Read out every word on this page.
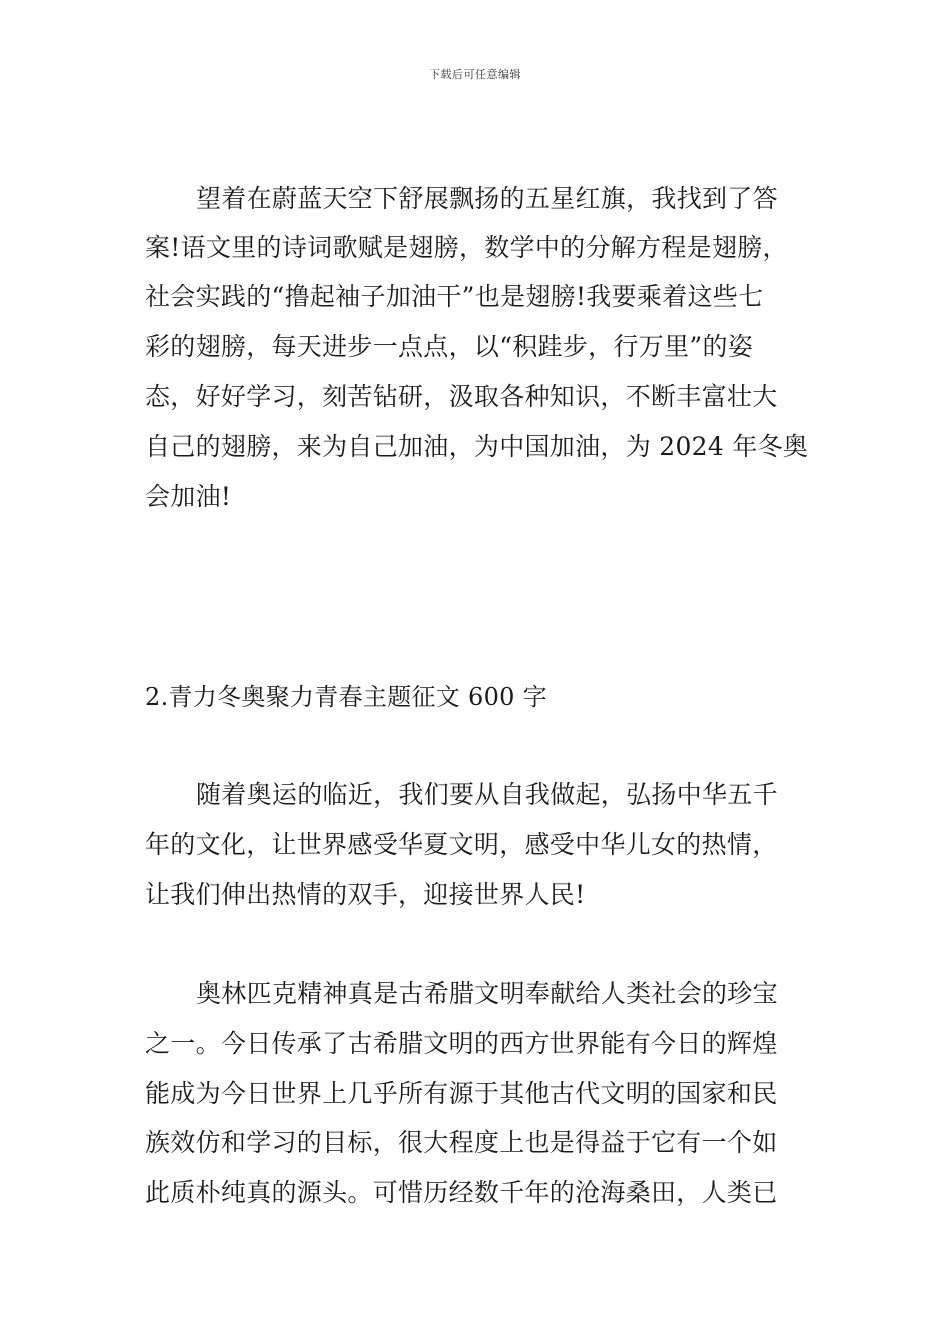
下载后可任意编辑
望着在蔚蓝天空下舒展飘扬的五星红旗，我找到了答
案!语文里的诗词歌赋是翅膀，数学中的分解方程是翅膀，
社会实践的“撸起袖子加油干”也是翅膀!我要乘着这些七
彩的翅膀，每天进步一点点，以“积跬步，行万里”的姿
态，好好学习，刻苦钻研，汲取各种知识，不断丰富壮大
自己的翅膀，来为自己加油，为中国加油，为 2024 年冬奥
会加油!
2.青力冬奥聚力青春主题征文 600 字
随着奥运的临近，我们要从自我做起，弘扬中华五千
年的文化，让世界感受华夏文明，感受中华儿女的热情，
让我们伸出热情的双手，迎接世界人民!
奥林匹克精神真是古希腊文明奉献给人类社会的珍宝
之一。今日传承了古希腊文明的西方世界能有今日的辉煌
能成为今日世界上几乎所有源于其他古代文明的国家和民
族效仿和学习的目标，很大程度上也是得益于它有一个如
此质朴纯真的源头。可惜历经数千年的沧海桑田，人类已
